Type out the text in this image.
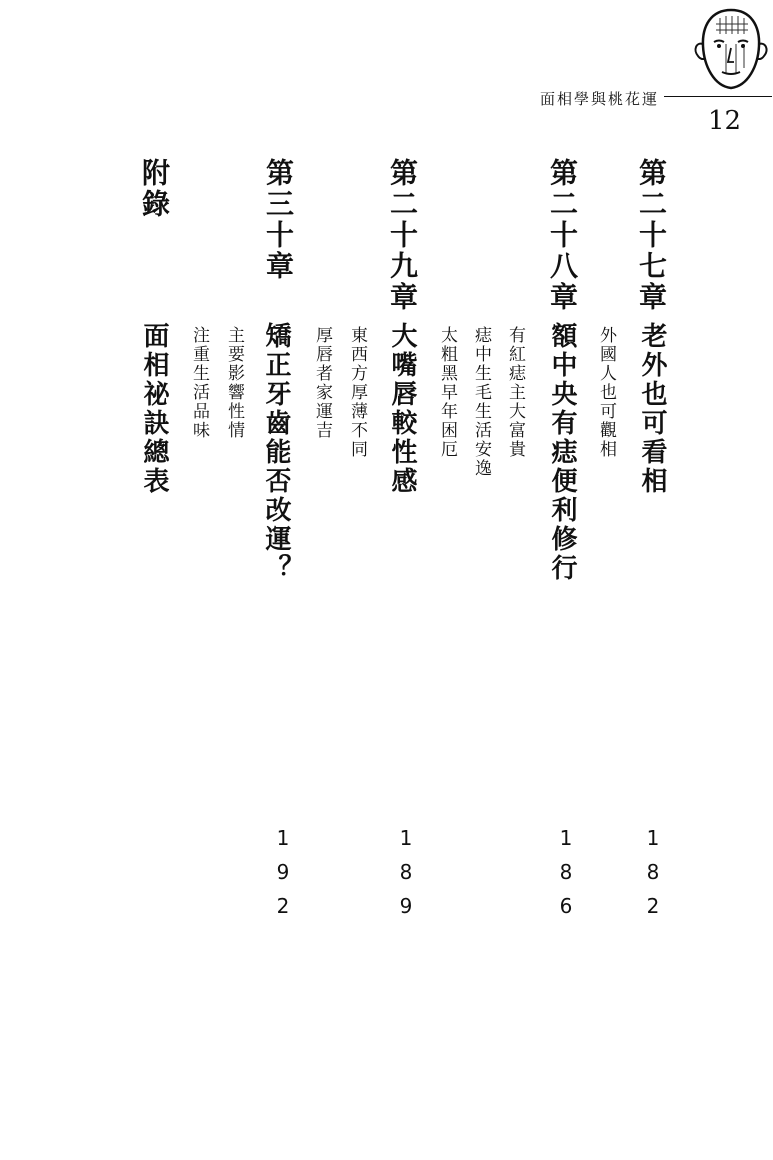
面相學與桃花運
12
第二十七章
老外也可看相
外國人也可觀相
182
第二十八章
額中央有痣便利修行
有紅痣主大富貴
痣中生毛生活安逸
太粗黑早年困厄
186
第二十九章
大嘴唇較性感
東西方厚薄不同
厚唇者家運吉
189
第三十章
矯正牙齒能否改運？
主要影響性情
注重生活品味
192
附錄
面相祕訣總表
